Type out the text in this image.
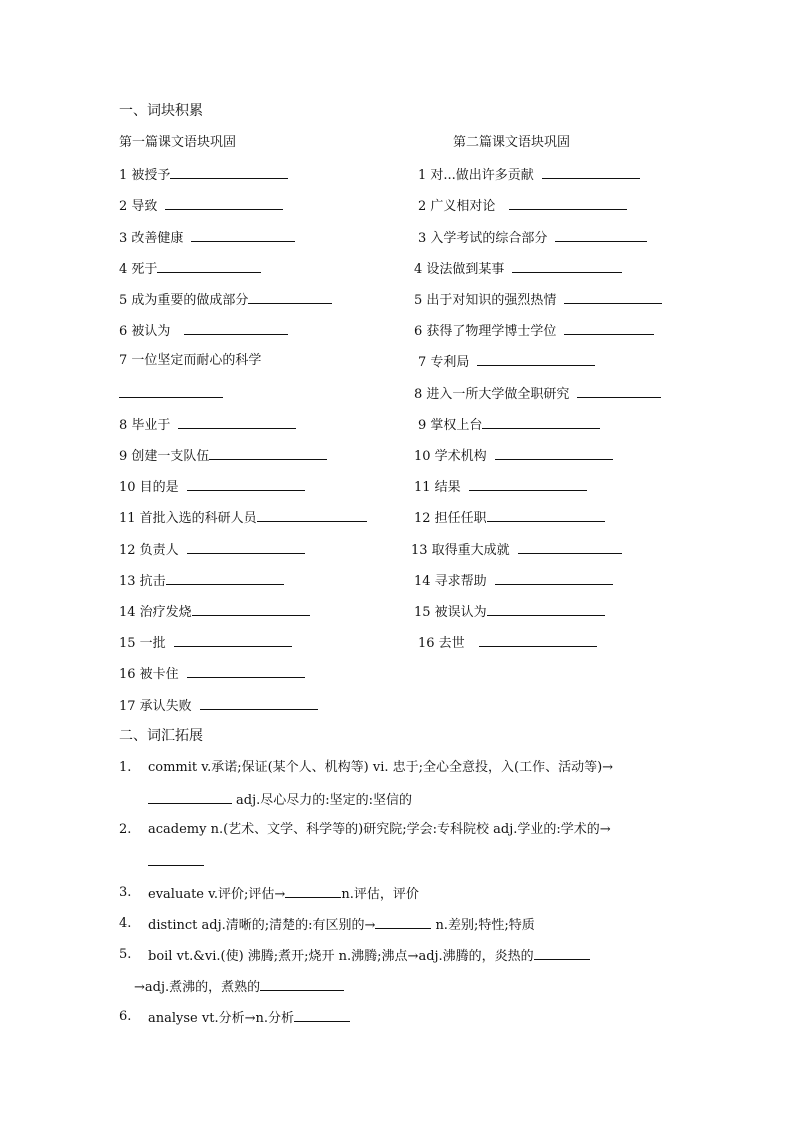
一、词块积累
第一篇课文语块巩固	第二篇课文语块巩固
1 被授予
2 导致
3 改善健康
4 死于
5 成为重要的做成部分
6 被认为
7 一位坚定而耐心的科学
8 毕业于
9 创建一支队伍
10 目的是
11 首批入选的科研人员
12 负责人
13 抗击
14 治疗发烧
15 一批
16 被卡住
17 承认失败
1 对...做出许多贡献
2 广义相对论
3 入学考试的综合部分
4 设法做到某事
5 出于对知识的强烈热情
6 获得了物理学博士学位
7 专利局
8 进入一所大学做全职研究
9 掌权上台
10 学术机构
11 结果
12 担任任职
13 取得重大成就
14 寻求帮助
15 被误认为
16 去世
二、词汇拓展
1. commit v.承诺;保证(某个人、机构等) vi. 忠于;全心全意投，入(工作、活动等)→
adj.尽心尽力的:坚定的:坚信的
2. academy n.(艺术、文学、科学等的)研究院;学会:专科院校 adj.学业的:学术的→
3. evaluate v.评价;评估→	n.评估，评价
4. distinct adj.清晰的;清楚的:有区别的→	n.差别;特性;特质
5. boil vt.&vi.(使) 沸腾;煮开;烧开 n.沸腾;沸点→adj.沸腾的，炎热的
→adj.煮沸的，煮熟的
6. analyse vt.分析→n.分析
